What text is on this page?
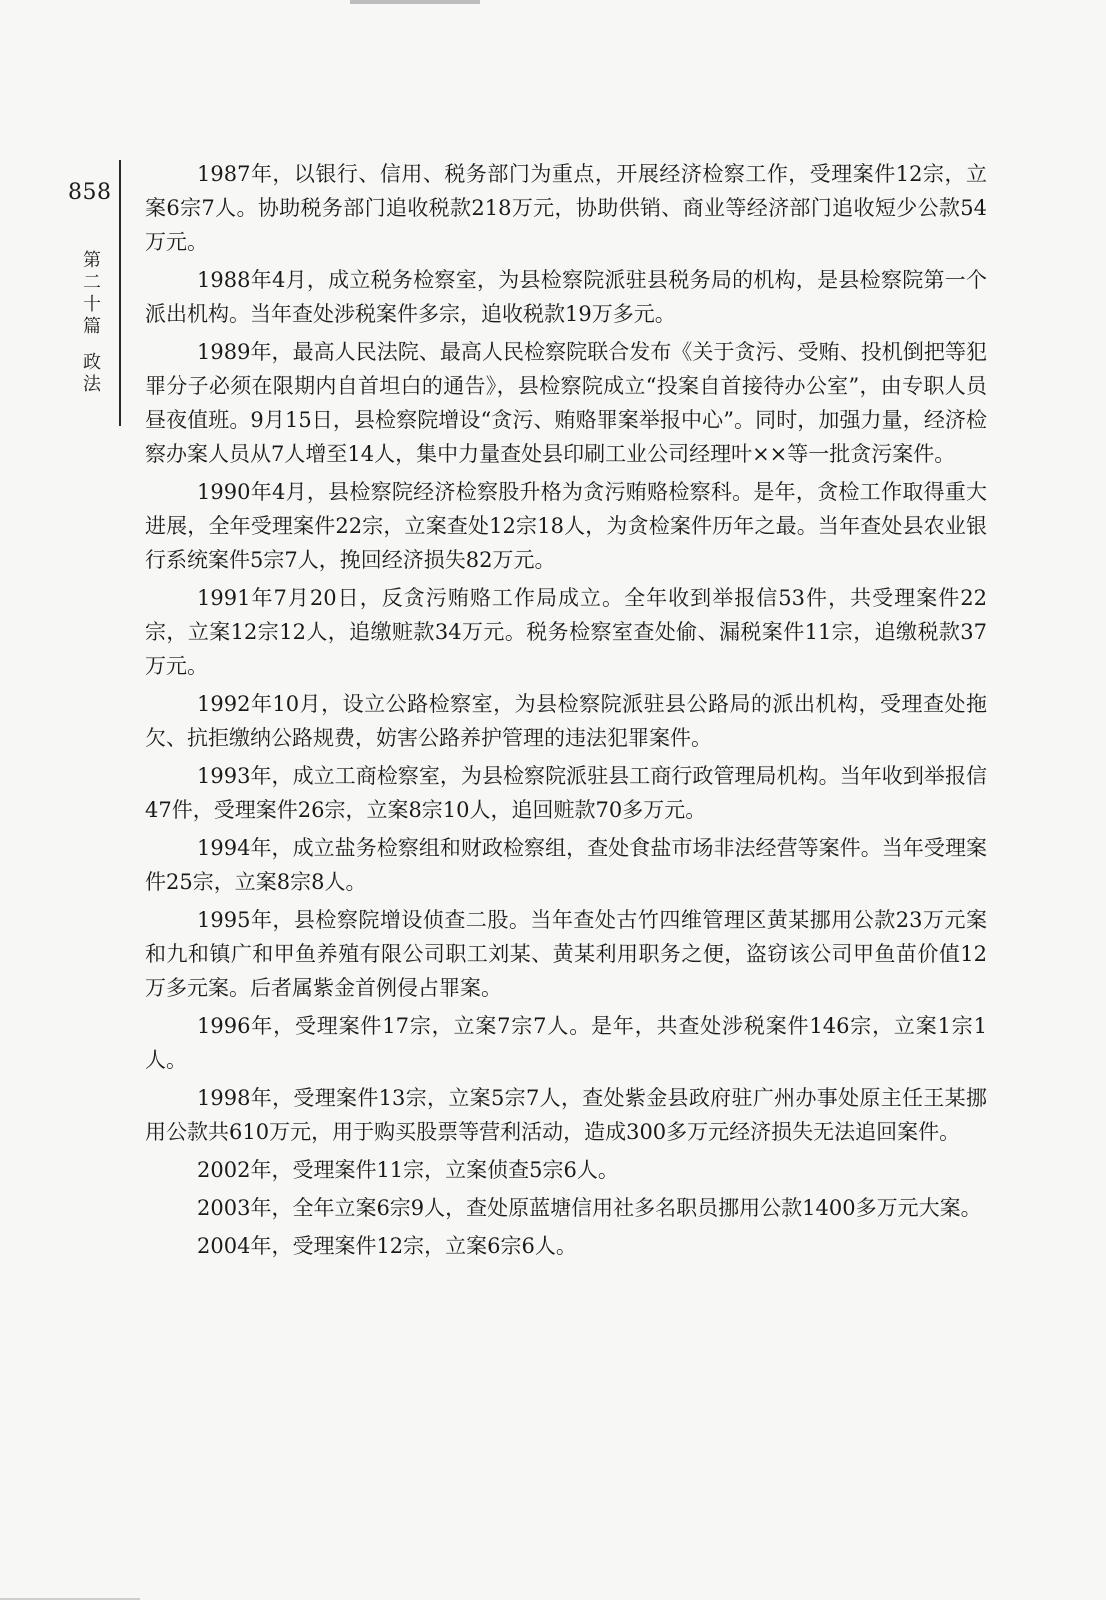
858
第二十篇
政法

1987年，以银行、信用、税务部门为重点，开展经济检察工作，受理案件12宗，立案6宗7人。协助税务部门追收税款218万元，协助供销、商业等经济部门追收短少公款54万元。

1988年4月，成立税务检察室，为县检察院派驻县税务局的机构，是县检察院第一个派出机构。当年查处涉税案件多宗，追收税款19万多元。

1989年，最高人民法院、最高人民检察院联合发布《关于贪污、受贿、投机倒把等犯罪分子必须在限期内自首坦白的通告》，县检察院成立“投案自首接待办公室”，由专职人员昼夜值班。9月15日，县检察院增设“贪污、贿赂罪案举报中心”。同时，加强力量，经济检察办案人员从7人增至14人，集中力量查处县印刷工业公司经理叶××等一批贪污案件。

1990年4月，县检察院经济检察股升格为贪污贿赂检察科。是年，贪检工作取得重大进展，全年受理案件22宗，立案查处12宗18人，为贪检案件历年之最。当年查处县农业银行系统案件5宗7人，挽回经济损失82万元。

1991年7月20日，反贪污贿赂工作局成立。全年收到举报信53件，共受理案件22宗，立案12宗12人，追缴赃款34万元。税务检察室查处偷、漏税案件11宗，追缴税款37万元。

1992年10月，设立公路检察室，为县检察院派驻县公路局的派出机构，受理查处拖欠、抗拒缴纳公路规费，妨害公路养护管理的违法犯罪案件。

1993年，成立工商检察室，为县检察院派驻县工商行政管理局机构。当年收到举报信47件，受理案件26宗，立案8宗10人，追回赃款70多万元。

1994年，成立盐务检察组和财政检察组，查处食盐市场非法经营等案件。当年受理案件25宗，立案8宗8人。

1995年，县检察院增设侦查二股。当年查处古竹四维管理区黄某挪用公款23万元案和九和镇广和甲鱼养殖有限公司职工刘某、黄某利用职务之便，盗窃该公司甲鱼苗价值12万多元案。后者属紫金首例侵占罪案。

1996年，受理案件17宗，立案7宗7人。是年，共查处涉税案件146宗，立案1宗1人。

1998年，受理案件13宗，立案5宗7人，查处紫金县政府驻广州办事处原主任王某挪用公款共610万元，用于购买股票等营利活动，造成300多万元经济损失无法追回案件。

2002年，受理案件11宗，立案侦查5宗6人。

2003年，全年立案6宗9人，查处原蓝塘信用社多名职员挪用公款1400多万元大案。

2004年，受理案件12宗，立案6宗6人。
